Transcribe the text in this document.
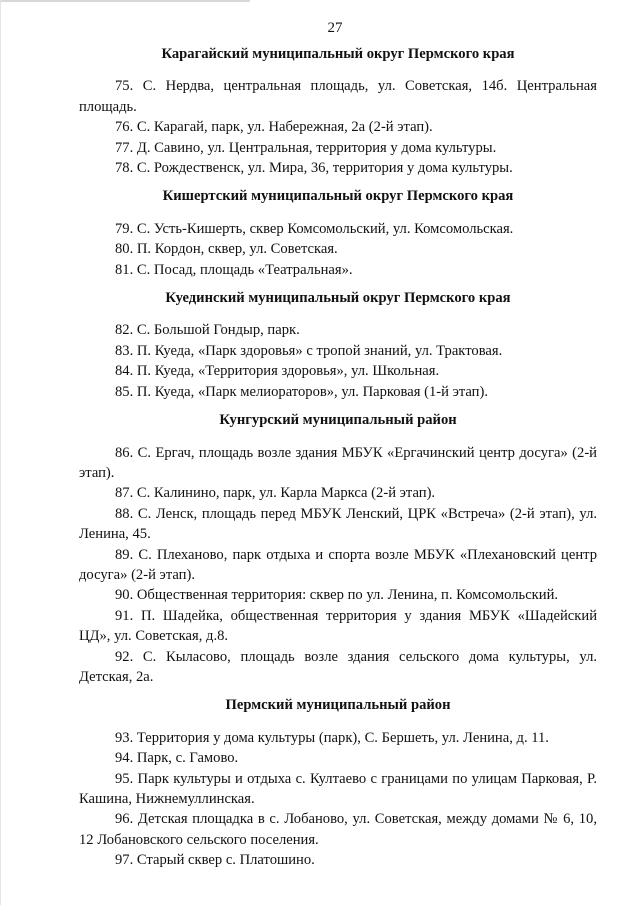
27

Карагайский муниципальный округ Пермского края

75. С. Нердва, центральная площадь, ул. Советская, 14б. Центральная площадь.

76. С. Карагай, парк, ул. Набережная, 2а (2-й этап).

77. Д. Савино, ул. Центральная, территория у дома культуры.

78. С. Рождественск, ул. Мира, 36, территория у дома культуры.

Кишертский муниципальный округ Пермского края

79. С. Усть-Кишерть, сквер Комсомольский, ул. Комсомольская.

80. П. Кордон, сквер, ул. Советская.

81. С. Посад, площадь «Театральная».

Куединский муниципальный округ Пермского края

82. С. Большой Гондыр, парк.

83. П. Куеда, «Парк здоровья» с тропой знаний, ул. Трактовая.

84. П. Куеда, «Территория здоровья», ул. Школьная.

85. П. Куеда, «Парк мелиораторов», ул. Парковая (1-й этап).

Кунгурский муниципальный район

86. С. Ергач, площадь возле здания МБУК «Ергачинский центр досуга» (2-й этап).

87. С. Калинино, парк, ул. Карла Маркса (2-й этап).

88. С. Ленск, площадь перед МБУК Ленский, ЦРК «Встреча» (2-й этап), ул. Ленина, 45.

89. С. Плеханово, парк отдыха и спорта возле МБУК «Плехановский центр досуга» (2-й этап).

90. Общественная территория: сквер по ул. Ленина, п. Комсомольский.

91. П. Шадейка, общественная территория у здания МБУК «Шадейский ЦД», ул. Советская, д.8.

92. С. Кыласово, площадь возле здания сельского дома культуры, ул. Детская, 2а.

Пермский муниципальный район

93. Территория у дома культуры (парк), С. Бершеть, ул. Ленина, д. 11.

94. Парк, с. Гамово.

95. Парк культуры и отдыха с. Култаево с границами по улицам Парковая, Р. Кашина, Нижнемуллинская.

96. Детская площадка в с. Лобаново, ул. Советская, между домами № 6, 10, 12 Лобановского сельского поселения.

97. Старый сквер с. Платошино.
